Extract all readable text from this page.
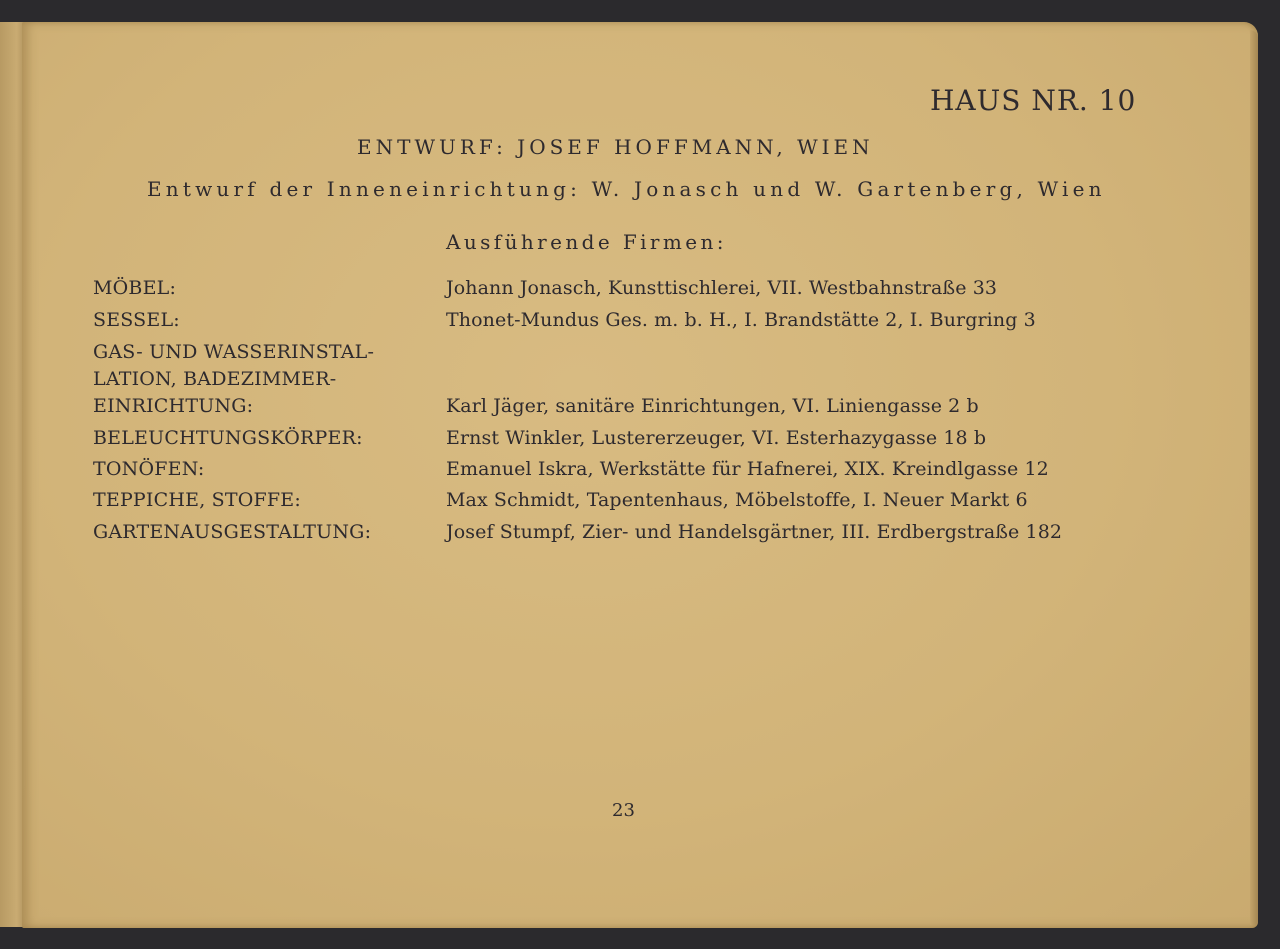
HAUS NR. 10

ENTWURF: JOSEF HOFFMANN, WIEN

Entwurf der Inneneinrichtung: W. Jonasch und W. Gartenberg, Wien

Ausführende Firmen:

MÖBEL:

SESSEL:

GAS- UND WASSERINSTAL-

LATION, BADEZIMMER-

EINRICHTUNG:

BELEUCHTUNGSKÖRPER:

TONÖFEN:

TEPPICHE, STOFFE:

GARTENAUSGESTALTUNG:

Johann Jonasch, Kunsttischlerei, VII. Westbahnstraße 33

Thonet-Mundus Ges. m. b. H., I. Brandstätte 2, I. Burgring 3

Karl Jäger, sanitäre Einrichtungen, VI. Liniengasse 2 b

Ernst Winkler, Lustererzeuger, VI. Esterhazygasse 18 b

Emanuel Iskra, Werkstätte für Hafnerei, XIX. Kreindlgasse 12

Max Schmidt, Tapentenhaus, Möbelstoffe, I. Neuer Markt 6

Josef Stumpf, Zier- und Handelsgärtner, III. Erdbergstraße 182

23
